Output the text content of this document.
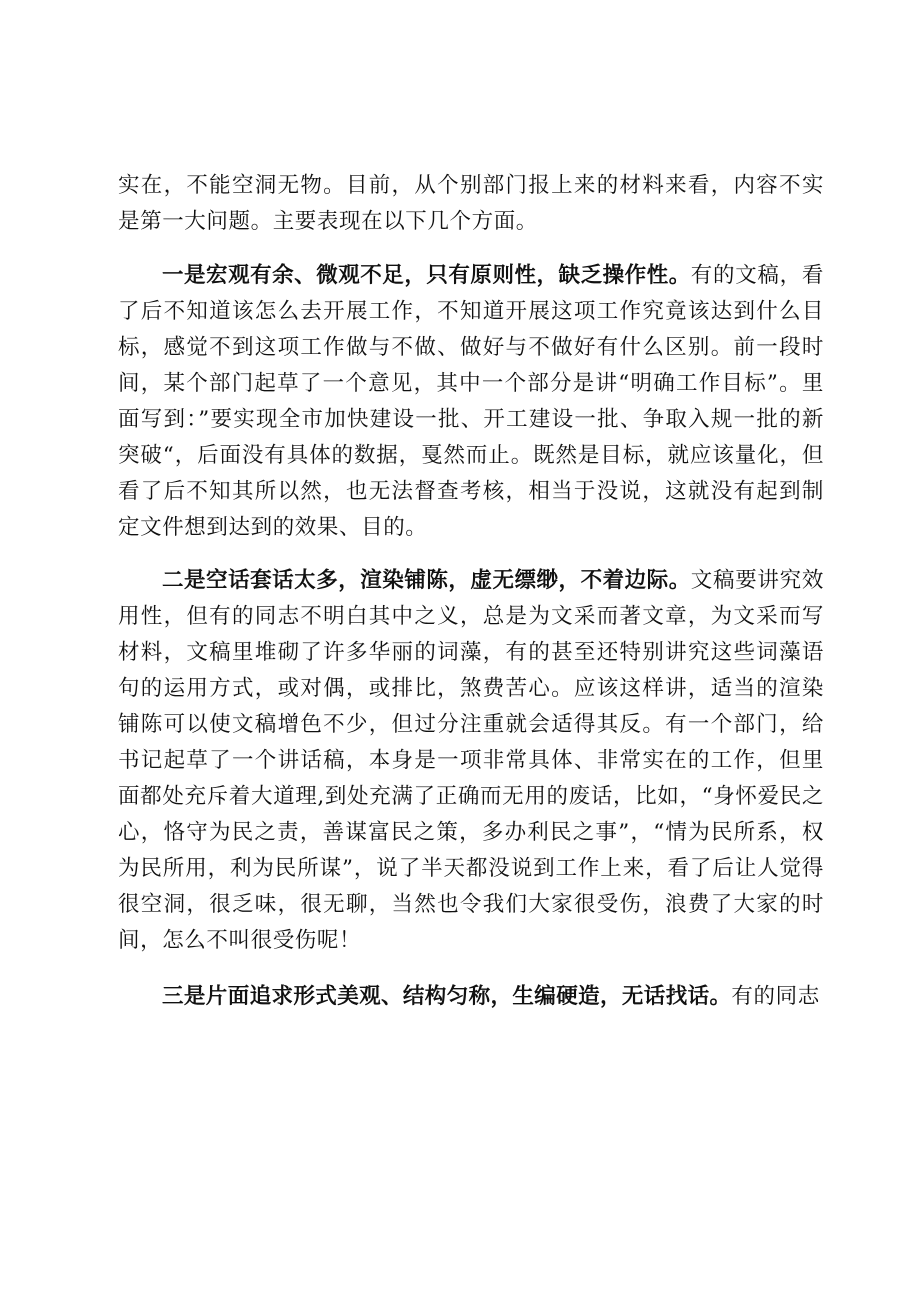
实在，不能空洞无物。目前，从个别部门报上来的材料来看，内容不实是第一大问题。主要表现在以下几个方面。

一是宏观有余、微观不足，只有原则性，缺乏操作性。有的文稿，看了后不知道该怎么去开展工作，不知道开展这项工作究竟该达到什么目标，感觉不到这项工作做与不做、做好与不做好有什么区别。前一段时间，某个部门起草了一个意见，其中一个部分是讲“明确工作目标”。里面写到：”要实现全市加快建设一批、开工建设一批、争取入规一批的新突破“，后面没有具体的数据，戛然而止。既然是目标，就应该量化，但看了后不知其所以然，也无法督查考核，相当于没说，这就没有起到制定文件想到达到的效果、目的。

二是空话套话太多，渲染铺陈，虚无缥缈，不着边际。文稿要讲究效用性，但有的同志不明白其中之义，总是为文采而著文章，为文采而写材料，文稿里堆砌了许多华丽的词藻，有的甚至还特别讲究这些词藻语句的运用方式，或对偶，或排比，煞费苦心。应该这样讲，适当的渲染铺陈可以使文稿增色不少，但过分注重就会适得其反。有一个部门，给书记起草了一个讲话稿，本身是一项非常具体、非常实在的工作，但里面都处充斥着大道理,到处充满了正确而无用的废话，比如，“身怀爱民之心，恪守为民之责，善谋富民之策，多办利民之事”，“情为民所系，权为民所用，利为民所谋”，说了半天都没说到工作上来，看了后让人觉得很空洞，很乏味，很无聊，当然也令我们大家很受伤，浪费了大家的时间，怎么不叫很受伤呢！

三是片面追求形式美观、结构匀称，生编硬造，无话找话。有的同志
